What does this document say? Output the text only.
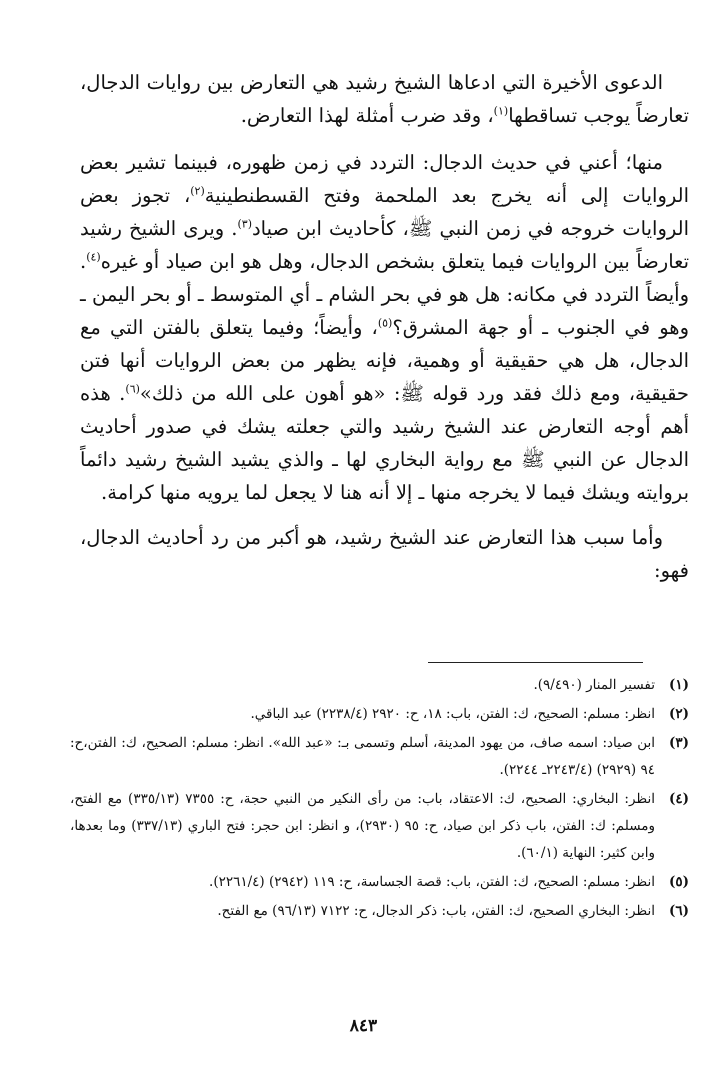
الدعوى الأخيرة التي ادعاها الشيخ رشيد هي التعارض بين روايات الدجال، تعارضاً يوجب تساقطها$^{(١)}$، وقد ضرب أمثلة لهذا التعارض.

منها؛ أعني في حديث الدجال: التردد في زمن ظهوره، فبينما تشير بعض الروايات إلى أنه يخرج بعد الملحمة وفتح القسطنطينية$^{(٢)}$، تجوز بعض الروايات خروجه في زمن النبي ﷺ، كأحاديث ابن صياد$^{(٣)}$. ويرى الشيخ رشيد تعارضاً بين الروايات فيما يتعلق بشخص الدجال، وهل هو ابن صياد أو غيره$^{(٤)}$. وأيضاً التردد في مكانه: هل هو في بحر الشام ـ أي المتوسط ـ أو بحر اليمن ـ وهو في الجنوب ـ أو جهة المشرق؟$^{(٥)}$، وأيضاً؛ وفيما يتعلق بالفتن التي مع الدجال، هل هي حقيقية أو وهمية، فإنه يظهر من بعض الروايات أنها فتن حقيقية، ومع ذلك فقد ورد قوله ﷺ: «هو أهون على الله من ذلك»$^{(٦)}$. هذه أهم أوجه التعارض عند الشيخ رشيد والتي جعلته يشك في صدور أحاديث الدجال عن النبي ﷺ مع رواية البخاري لها ـ والذي يشيد الشيخ رشيد دائماً بروايته ويشك فيما لا يخرجه منها ـ إلا أنه هنا لا يجعل لما يرويه منها كرامة.

وأما سبب هذا التعارض عند الشيخ رشيد، هو أكبر من رد أحاديث الدجال، فهو:

(١)
تفسير المنار (٩/٤٩٠).
(٢)
انظر: مسلم: الصحيح، ك: الفتن، باب: ١٨، ح: ٢٩٢٠ (٢٢٣٨/٤) عبد الباقي.
(٣)
ابن صياد: اسمه صاف، من يهود المدينة، أسلم وتسمى بـ: «عبد الله». انظر: مسلم: الصحيح، ك: الفتن،ح: ٩٤ (٢٩٢٩) (٢٢٤٣/٤ـ ٢٢٤٤).
(٤)
انظر: البخاري: الصحيح، ك: الاعتقاد، باب: من رأى النكير من النبي حجة، ح: ٧٣٥٥ (٣٣٥/١٣) مع الفتح، ومسلم: ك: الفتن، باب ذكر ابن صياد، ح: ٩٥ (٢٩٣٠)، و انظر: ابن حجر: فتح الباري (٣٣٧/١٣) وما بعدها، وابن كثير: النهاية (٦٠/١).
(٥)
انظر: مسلم: الصحيح، ك: الفتن، باب: قصة الجساسة، ح: ١١٩ (٢٩٤٢) (٢٢٦١/٤).
(٦)
انظر: البخاري الصحيح، ك: الفتن، باب: ذكر الدجال، ح: ٧١٢٢ (٩٦/١٣) مع الفتح.
٨٤٣
